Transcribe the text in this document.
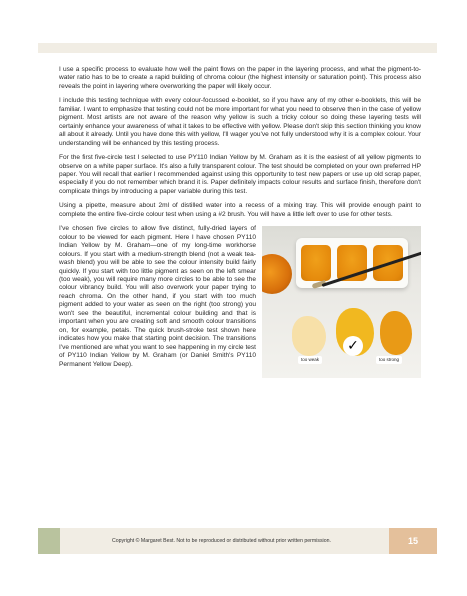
I use a specific process to evaluate how well the paint flows on the paper in the layering process, and what the pigment-to-water ratio has to be to create a rapid building of chroma colour (the highest intensity or saturation point). This process also reveals the point in layering where overworking the paper will likely occur.

I include this testing technique with every colour-focussed e-booklet, so if you have any of my other e-booklets, this will be familiar. I want to emphasize that testing could not be more important for what you need to observe then in the case of yellow pigment. Most artists are not aware of the reason why yellow is such a tricky colour so doing these layering tests will certainly enhance your awareness of what it takes to be effective with yellow. Please don't skip this section thinking you know all about it already. Until you have done this with yellow, I'll wager you've not fully understood why it is a complex colour. Your understanding will be enhanced by this testing process.

For the first five-circle test I selected to use PY110 Indian Yellow by M. Graham as it is the easiest of all yellow pigments to observe on a white paper surface. It's also a fully transparent colour. The test should be completed on your own preferred HP paper. You will recall that earlier I recommended against using this opportunity to test new papers or use up old scrap paper, especially if you do not remember which brand it is. Paper definitely impacts colour results and surface finish, therefore don't complicate things by introducing a paper variable during this test.

Using a pipette, measure about 2ml of distilled water into a recess of a mixing tray. This will provide enough paint to complete the entire five-circle colour test when using a #2 brush. You will have a little left over to use for other tests.

✓
too weak	too strong

I've chosen five circles to allow five distinct, fully-dried layers of colour to be viewed for each pigment. Here I have chosen PY110 Indian Yellow by M. Graham—one of my long-time workhorse colours. If you start with a medium-strength blend (not a weak tea-wash blend) you will be able to see the colour intensity build fairly quickly. If you start with too little pigment as seen on the left smear (too weak), you will require many more circles to be able to see the colour vibrancy build. You will also overwork your paper trying to reach chroma. On the other hand, if you start with too much pigment added to your water as seen on the right (too strong) you won't see the beautiful, incremental colour building and that is important when you are creating soft and smooth colour transitions on, for example, petals. The quick brush-stroke test shown here indicates how you make that starting point decision. The transitions I've mentioned are what you want to see happening in my circle test of PY110 Indian Yellow by M. Graham (or Daniel Smith's PY110 Permanent Yellow Deep).

Copyright © Margaret Best. Not to be reproduced or distributed without prior written permission.	15
